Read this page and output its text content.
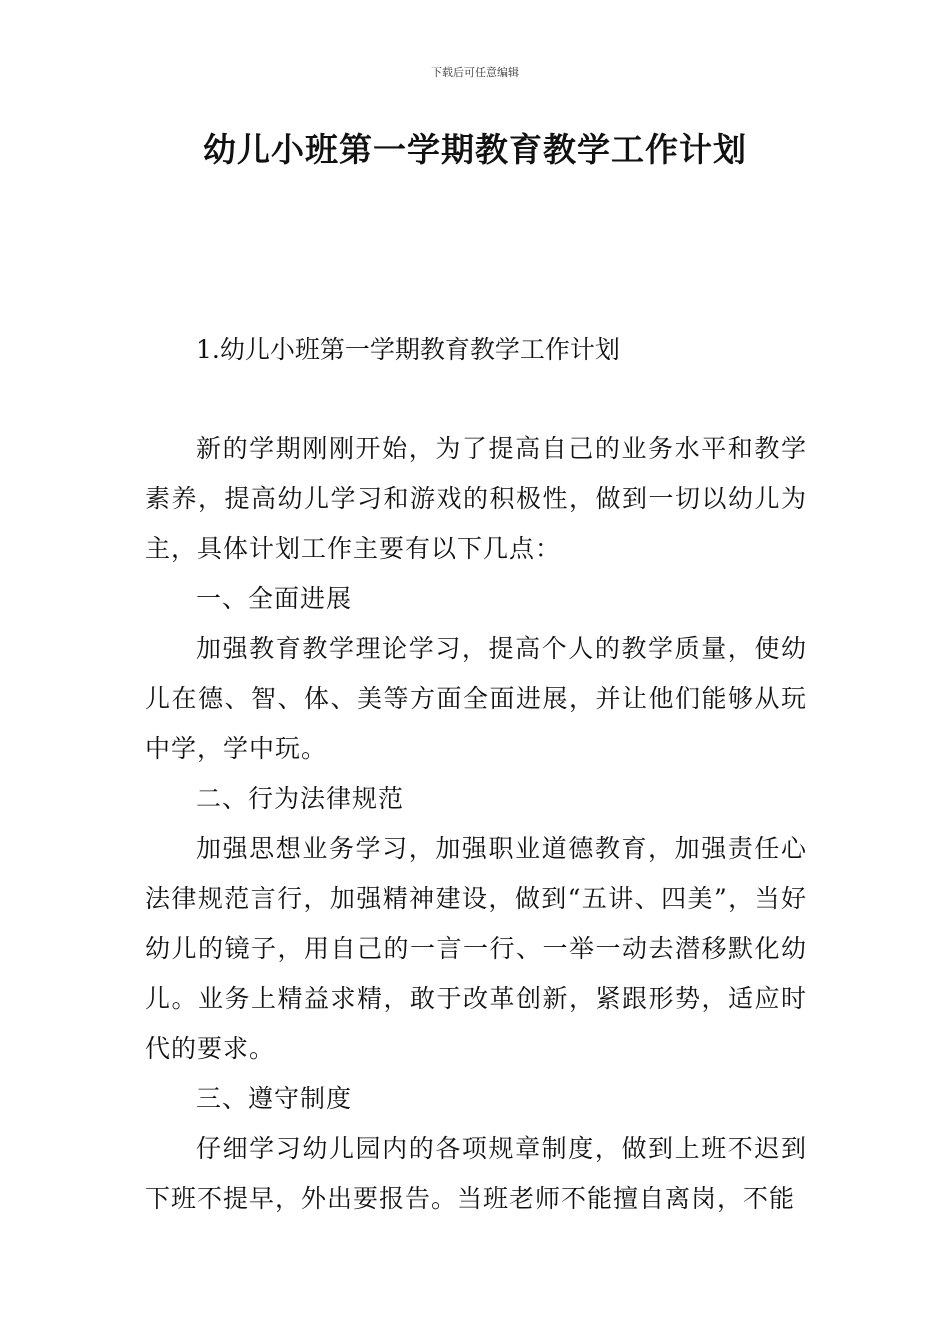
下载后可任意编辑
幼儿小班第一学期教育教学工作计划
1.幼儿小班第一学期教育教学工作计划

新的学期刚刚开始，为了提高自己的业务水平和教学素养，提高幼儿学习和游戏的积极性，做到一切以幼儿为主，具体计划工作主要有以下几点：

一、全面进展

加强教育教学理论学习，提高个人的教学质量，使幼儿在德、智、体、美等方面全面进展，并让他们能够从玩中学，学中玩。

二、行为法律规范

加强思想业务学习，加强职业道德教育，加强责任心法律规范言行，加强精神建设，做到“五讲、四美”，当好幼儿的镜子，用自己的一言一行、一举一动去潜移默化幼儿。业务上精益求精，敢于改革创新，紧跟形势，适应时代的要求。

三、遵守制度

仔细学习幼儿园内的各项规章制度，做到上班不迟到下班不提早，外出要报告。当班老师不能擅自离岗，不能
